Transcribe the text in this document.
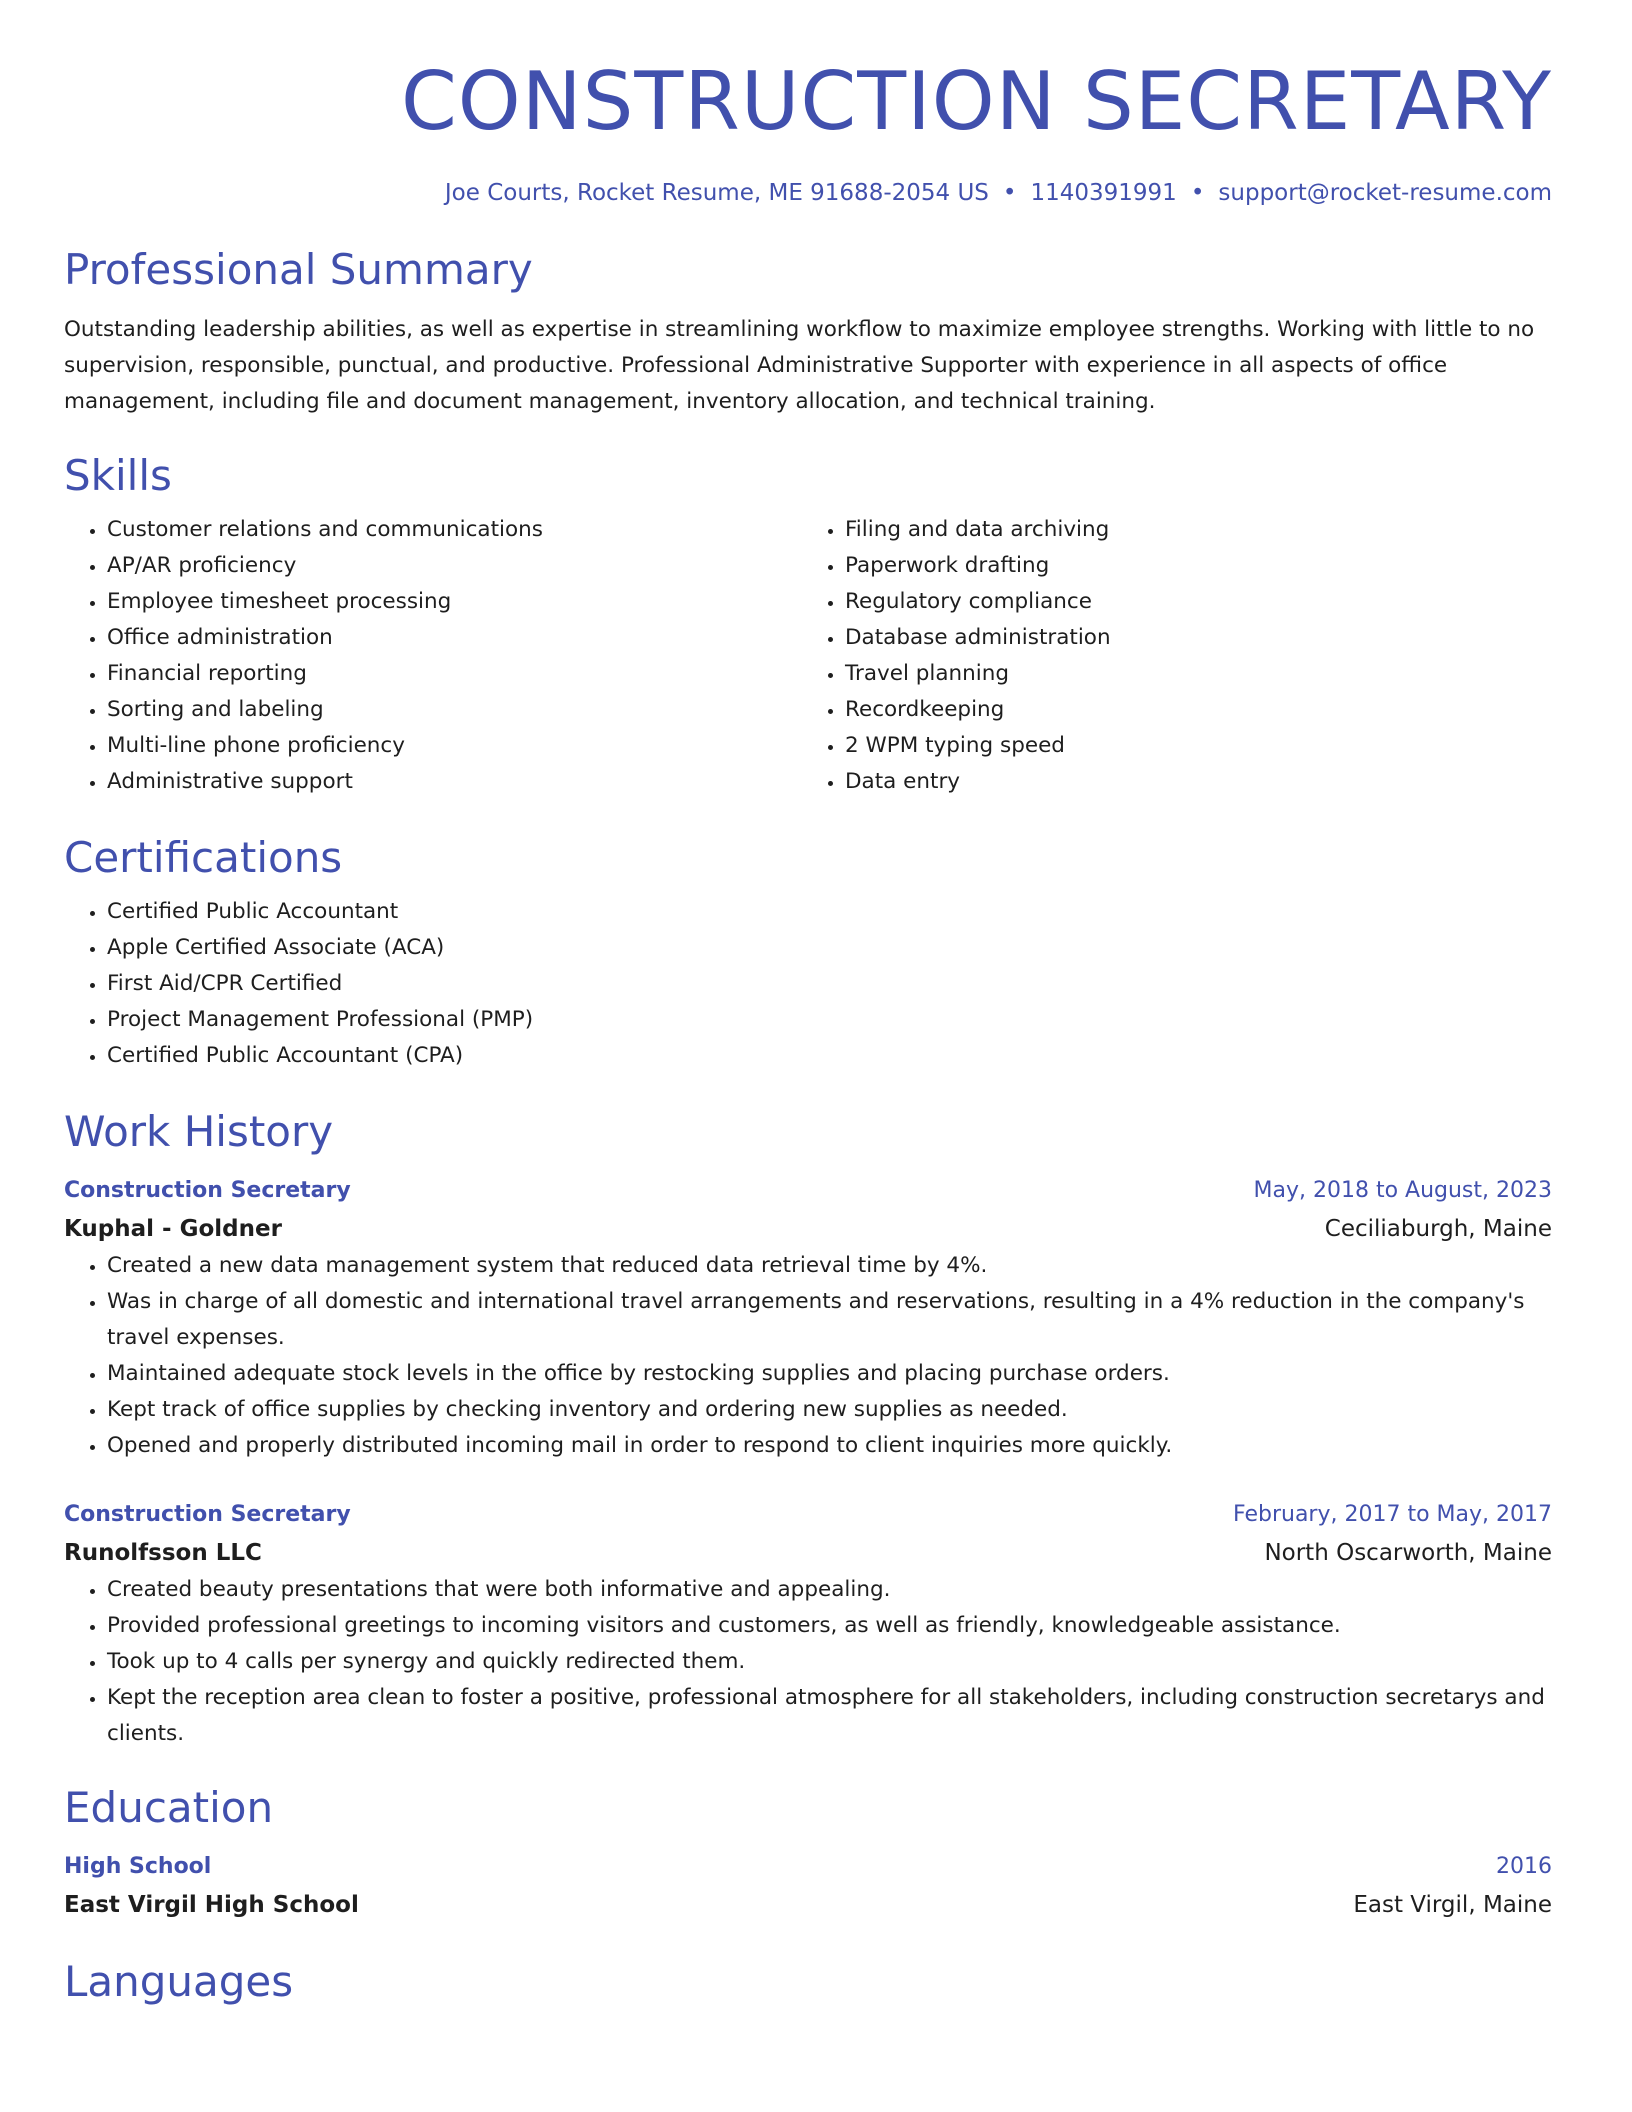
CONSTRUCTION SECRETARY
Joe Courts, Rocket Resume, ME 91688-2054 US • 1140391991 • support@rocket-resume.com
Professional Summary

Outstanding leadership abilities, as well as expertise in streamlining workflow to maximize employee strengths. Working with little to no supervision, responsible, punctual, and productive. Professional Administrative Supporter with experience in all aspects of office management, including file and document management, inventory allocation, and technical training.

Skills
• Customer relations and communications
• AP/AR proficiency
• Employee timesheet processing
• Office administration
• Financial reporting
• Sorting and labeling
• Multi-line phone proficiency
• Administrative support
• Filing and data archiving
• Paperwork drafting
• Regulatory compliance
• Database administration
• Travel planning
• Recordkeeping
• 2 WPM typing speed
• Data entry
Certifications
• Certified Public Accountant
• Apple Certified Associate (ACA)
• First Aid/CPR Certified
• Project Management Professional (PMP)
• Certified Public Accountant (CPA)
Work History
Construction Secretary	May, 2018 to August, 2023
Kuphal - Goldner	Ceciliaburgh, Maine
• Created a new data management system that reduced data retrieval time by 4%.
• Was in charge of all domestic and international travel arrangements and reservations, resulting in a 4% reduction in the company's travel expenses.
• Maintained adequate stock levels in the office by restocking supplies and placing purchase orders.
• Kept track of office supplies by checking inventory and ordering new supplies as needed.
• Opened and properly distributed incoming mail in order to respond to client inquiries more quickly.
Construction Secretary	February, 2017 to May, 2017
Runolfsson LLC	North Oscarworth, Maine
• Created beauty presentations that were both informative and appealing.
• Provided professional greetings to incoming visitors and customers, as well as friendly, knowledgeable assistance.
• Took up to 4 calls per synergy and quickly redirected them.
• Kept the reception area clean to foster a positive, professional atmosphere for all stakeholders, including construction secretarys and clients.
Education
High School	2016
East Virgil High School	East Virgil, Maine
Languages
